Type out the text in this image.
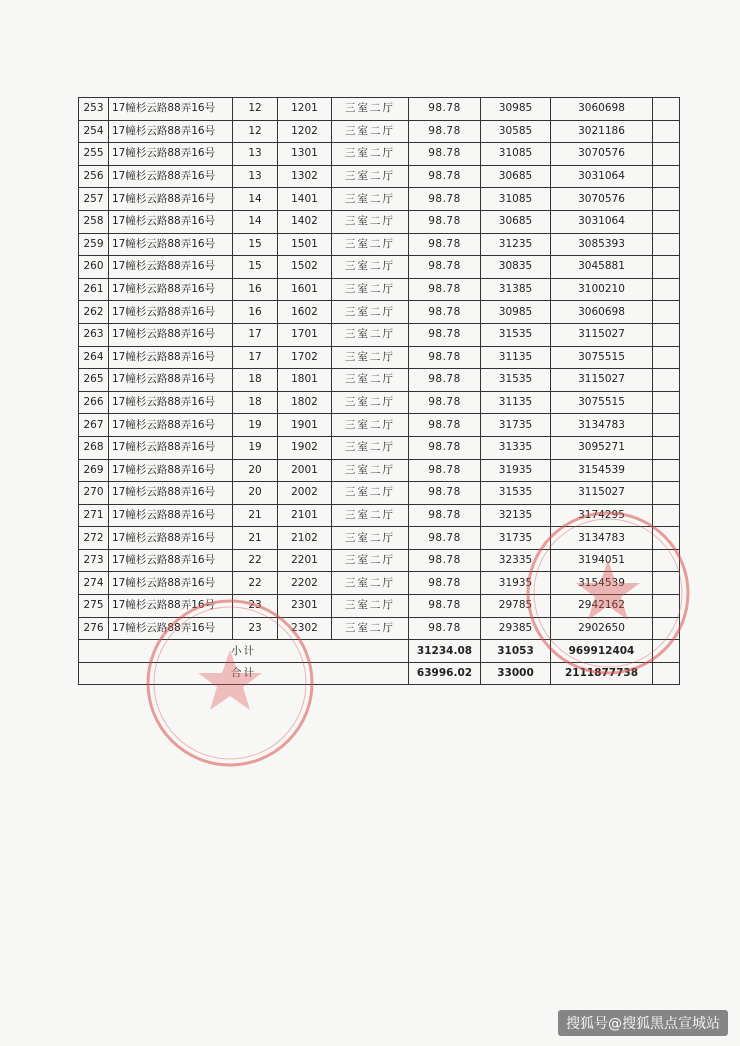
253	17幢杉云路88弄16号	12	1201	三室二厅	98.78	30985	3060698	
254	17幢杉云路88弄16号	12	1202	三室二厅	98.78	30585	3021186	
255	17幢杉云路88弄16号	13	1301	三室二厅	98.78	31085	3070576	
256	17幢杉云路88弄16号	13	1302	三室二厅	98.78	30685	3031064	
257	17幢杉云路88弄16号	14	1401	三室二厅	98.78	31085	3070576	
258	17幢杉云路88弄16号	14	1402	三室二厅	98.78	30685	3031064	
259	17幢杉云路88弄16号	15	1501	三室二厅	98.78	31235	3085393	
260	17幢杉云路88弄16号	15	1502	三室二厅	98.78	30835	3045881	
261	17幢杉云路88弄16号	16	1601	三室二厅	98.78	31385	3100210	
262	17幢杉云路88弄16号	16	1602	三室二厅	98.78	30985	3060698	
263	17幢杉云路88弄16号	17	1701	三室二厅	98.78	31535	3115027	
264	17幢杉云路88弄16号	17	1702	三室二厅	98.78	31135	3075515	
265	17幢杉云路88弄16号	18	1801	三室二厅	98.78	31535	3115027	
266	17幢杉云路88弄16号	18	1802	三室二厅	98.78	31135	3075515	
267	17幢杉云路88弄16号	19	1901	三室二厅	98.78	31735	3134783	
268	17幢杉云路88弄16号	19	1902	三室二厅	98.78	31335	3095271	
269	17幢杉云路88弄16号	20	2001	三室二厅	98.78	31935	3154539	
270	17幢杉云路88弄16号	20	2002	三室二厅	98.78	31535	3115027	
271	17幢杉云路88弄16号	21	2101	三室二厅	98.78	32135	3174295	
272	17幢杉云路88弄16号	21	2102	三室二厅	98.78	31735	3134783	
273	17幢杉云路88弄16号	22	2201	三室二厅	98.78	32335	3194051	
274	17幢杉云路88弄16号	22	2202	三室二厅	98.78	31935	3154539	
275	17幢杉云路88弄16号	23	2301	三室二厅	98.78	29785	2942162	
276	17幢杉云路88弄16号	23	2302	三室二厅	98.78	29385	2902650	
小计					31234.08	31053	969912404	
合计					63996.02	33000	2111877738	
搜狐号@搜狐黑点宣城站
